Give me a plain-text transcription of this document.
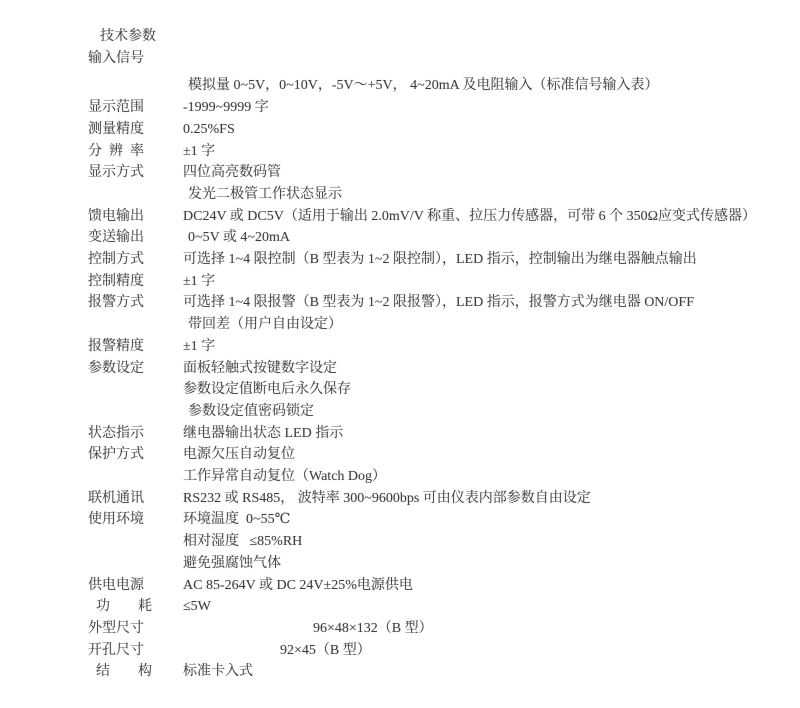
技术参数
输入信号
模拟量 0~5V，0~10V，-5V～+5V， 4~20mA 及电阻输入（标准信号输入表）
显示范围	-1999~9999 字
测量精度	0.25%FS
分  辨  率	±1 字
显示方式	四位高亮数码管
发光二极管工作状态显示
馈电输出	DC24V 或 DC5V（适用于输出 2.0mV/V 称重、拉压力传感器，可带 6 个 350Ω应变式传感器）
变送输出	0~5V 或 4~20mA
控制方式	可选择 1~4 限控制（B 型表为 1~2 限控制），LED 指示，控制输出为继电器触点输出
控制精度	±1 字
报警方式	可选择 1~4 限报警（B 型表为 1~2 限报警），LED 指示，报警方式为继电器 ON/OFF
带回差（用户自由设定）
报警精度	±1 字
参数设定	面板轻触式按键数字设定
参数设定值断电后永久保存
参数设定值密码锁定
状态指示	继电器输出状态 LED 指示
保护方式	电源欠压自动复位
工作异常自动复位（Watch Dog）
联机通讯	RS232 或 RS485， 波特率 300~9600bps 可由仪表内部参数自由设定
使用环境	环境温度  0~55℃
相对湿度   ≤85%RH
避免强腐蚀气体
供电电源	AC 85-264V 或 DC 24V±25%电源供电
功　　耗	≤5W
外型尺寸	96×48×132（B 型）
开孔尺寸	92×45（B 型）
结　　构	标准卡入式
